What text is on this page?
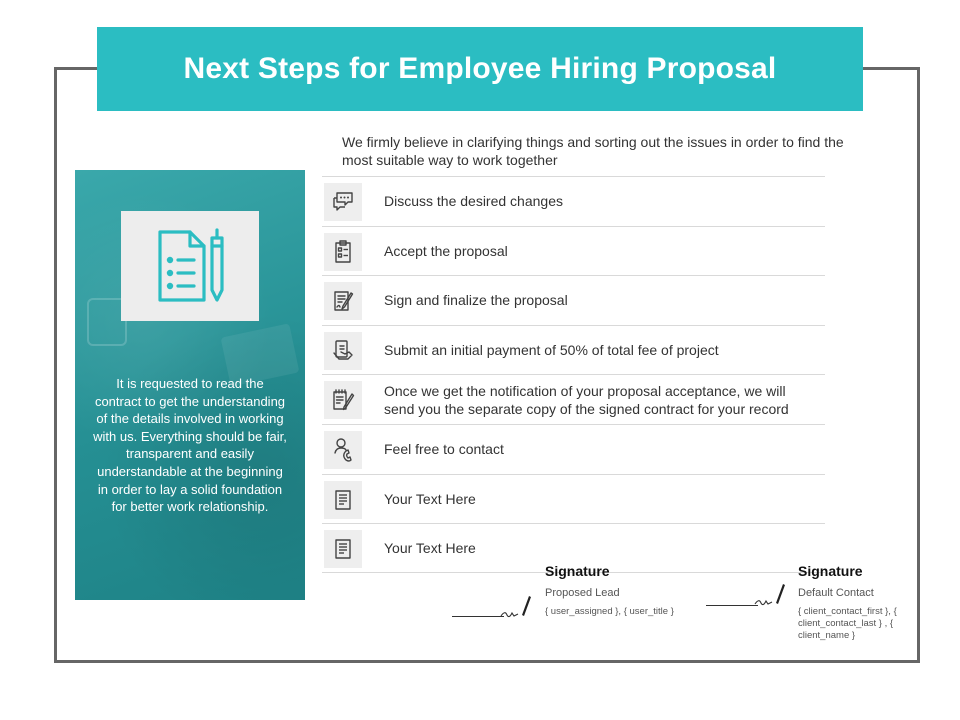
Next Steps for Employee Hiring Proposal
We firmly believe in clarifying things and sorting out the issues in order to find the most suitable way to work together
It is requested to read the contract to get the understanding of the details involved in working with us. Everything should be fair, transparent and easily understandable at the beginning in order to lay a solid foundation for better work relationship.
Discuss the desired changes
Accept the proposal
Sign and finalize the proposal
Submit an initial payment of 50% of total fee of project
Once we get the notification of your proposal acceptance, we will send you the separate copy of the signed contract for your record
Feel free to contact
Your Text Here
Your Text Here
Signature
Proposed Lead
{ user_assigned }, { user_title }
Signature
Default Contact
{ client_contact_first }, { client_contact_last } , { client_name }
